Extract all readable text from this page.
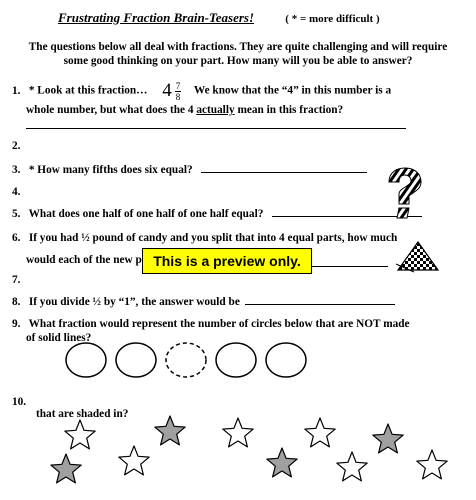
Frustrating Fraction Brain-Teasers!	( * = more difficult )
The questions below all deal with fractions. They are quite challenging and will require some good thinking on your part. How many will you be able to answer?
1. * Look at this fraction… $4 \frac{7}{8}$ We know that the “4” in this number is a
whole number, but what does the 4 actually mean in this fraction?
2.
3. * How many fifths does six equal?
4.
5. What does one half of one half of one half equal?
6. If you had ½ pound of candy and you split that into 4 equal parts, how much
would each of the new p
7.
8. If you divide ½ by “1”, the answer would be
9. What fraction would represent the number of circles below that are NOT made
of solid lines?
10.
that are shaded in?
This is a preview only.
